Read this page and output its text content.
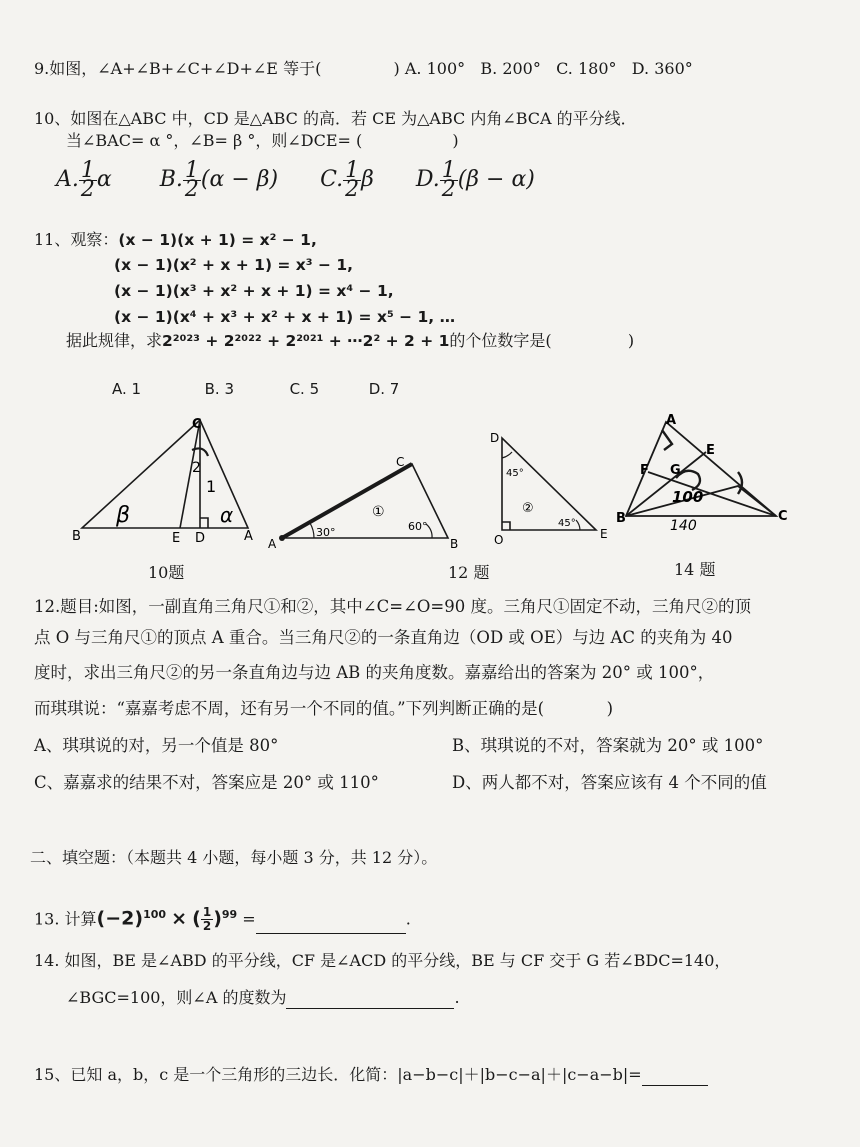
9.如图，∠A+∠B+∠C+∠D+∠E 等于(	) A. 100° B. 200° C. 180° D. 360°
10、如图在△ABC 中，CD 是△ABC 的高．若 CE 为△ABC 内角∠BCA 的平分线．
当∠BAC= α °，∠B= β °，则∠DCE= (	)
A. $\frac{1}{2}$ α B. $\frac{1}{2} (\alpha - \beta)$ C. $\frac{1}{2}$ β D. $\frac{1}{2} (\beta - \alpha)$
11、观察：(x − 1)(x + 1) = x² − 1,
(x − 1)(x² + x + 1) = x³ − 1,
(x − 1)(x³ + x² + x + 1) = x⁴ − 1,
(x − 1)(x⁴ + x³ + x² + x + 1) = x⁵ − 1, …
据此规律，求2²⁰²³ + 2²⁰²² + 2²⁰²¹ + ⋯2² + 2 + 1的个位数字是(	)
A. 1	B. 3	C. 5	D. 7
C
B	E D	A
β	α
1
2
10题
C
A	B
①
30°	60°
12 题
D
O	E
②
45°
45°
A
E
F G
B	C
100
140
14 题
12.题目:如图，一副直角三角尺①和②，其中∠C=∠O=90 度。三角尺①固定不动，三角尺②的顶
点 O 与三角尺①的顶点 A 重合。当三角尺②的一条直角边（OD 或 OE）与边 AC 的夹角为 40
度时，求出三角尺②的另一条直角边与边 AB 的夹角度数。嘉嘉给出的答案为 20° 或 100°，
而琪琪说：“嘉嘉考虑不周，还有另一个不同的值。”下列判断正确的是(	)
A、琪琪说的对，另一个值是 80°	B、琪琪说的不对，答案就为 20° 或 100°
C、嘉嘉求的结果不对，答案应是 20° 或 110°	D、两人都不对，答案应该有 4 个不同的值
二、填空题：（本题共 4 小题，每小题 3 分，共 12 分）。
13. 计算$(-2)^{100}$ × ( $\frac{1}{2} )^{99}$ =	.
14. 如图，BE 是∠ABD 的平分线，CF 是∠ACD 的平分线，BE 与 CF 交于 G 若∠BDC=140，
∠BGC=100，则∠A 的度数为	.
15、已知 a，b，c 是一个三角形的三边长．化简：|a−b−c|＋|b−c−a|＋|c−a−b|=
